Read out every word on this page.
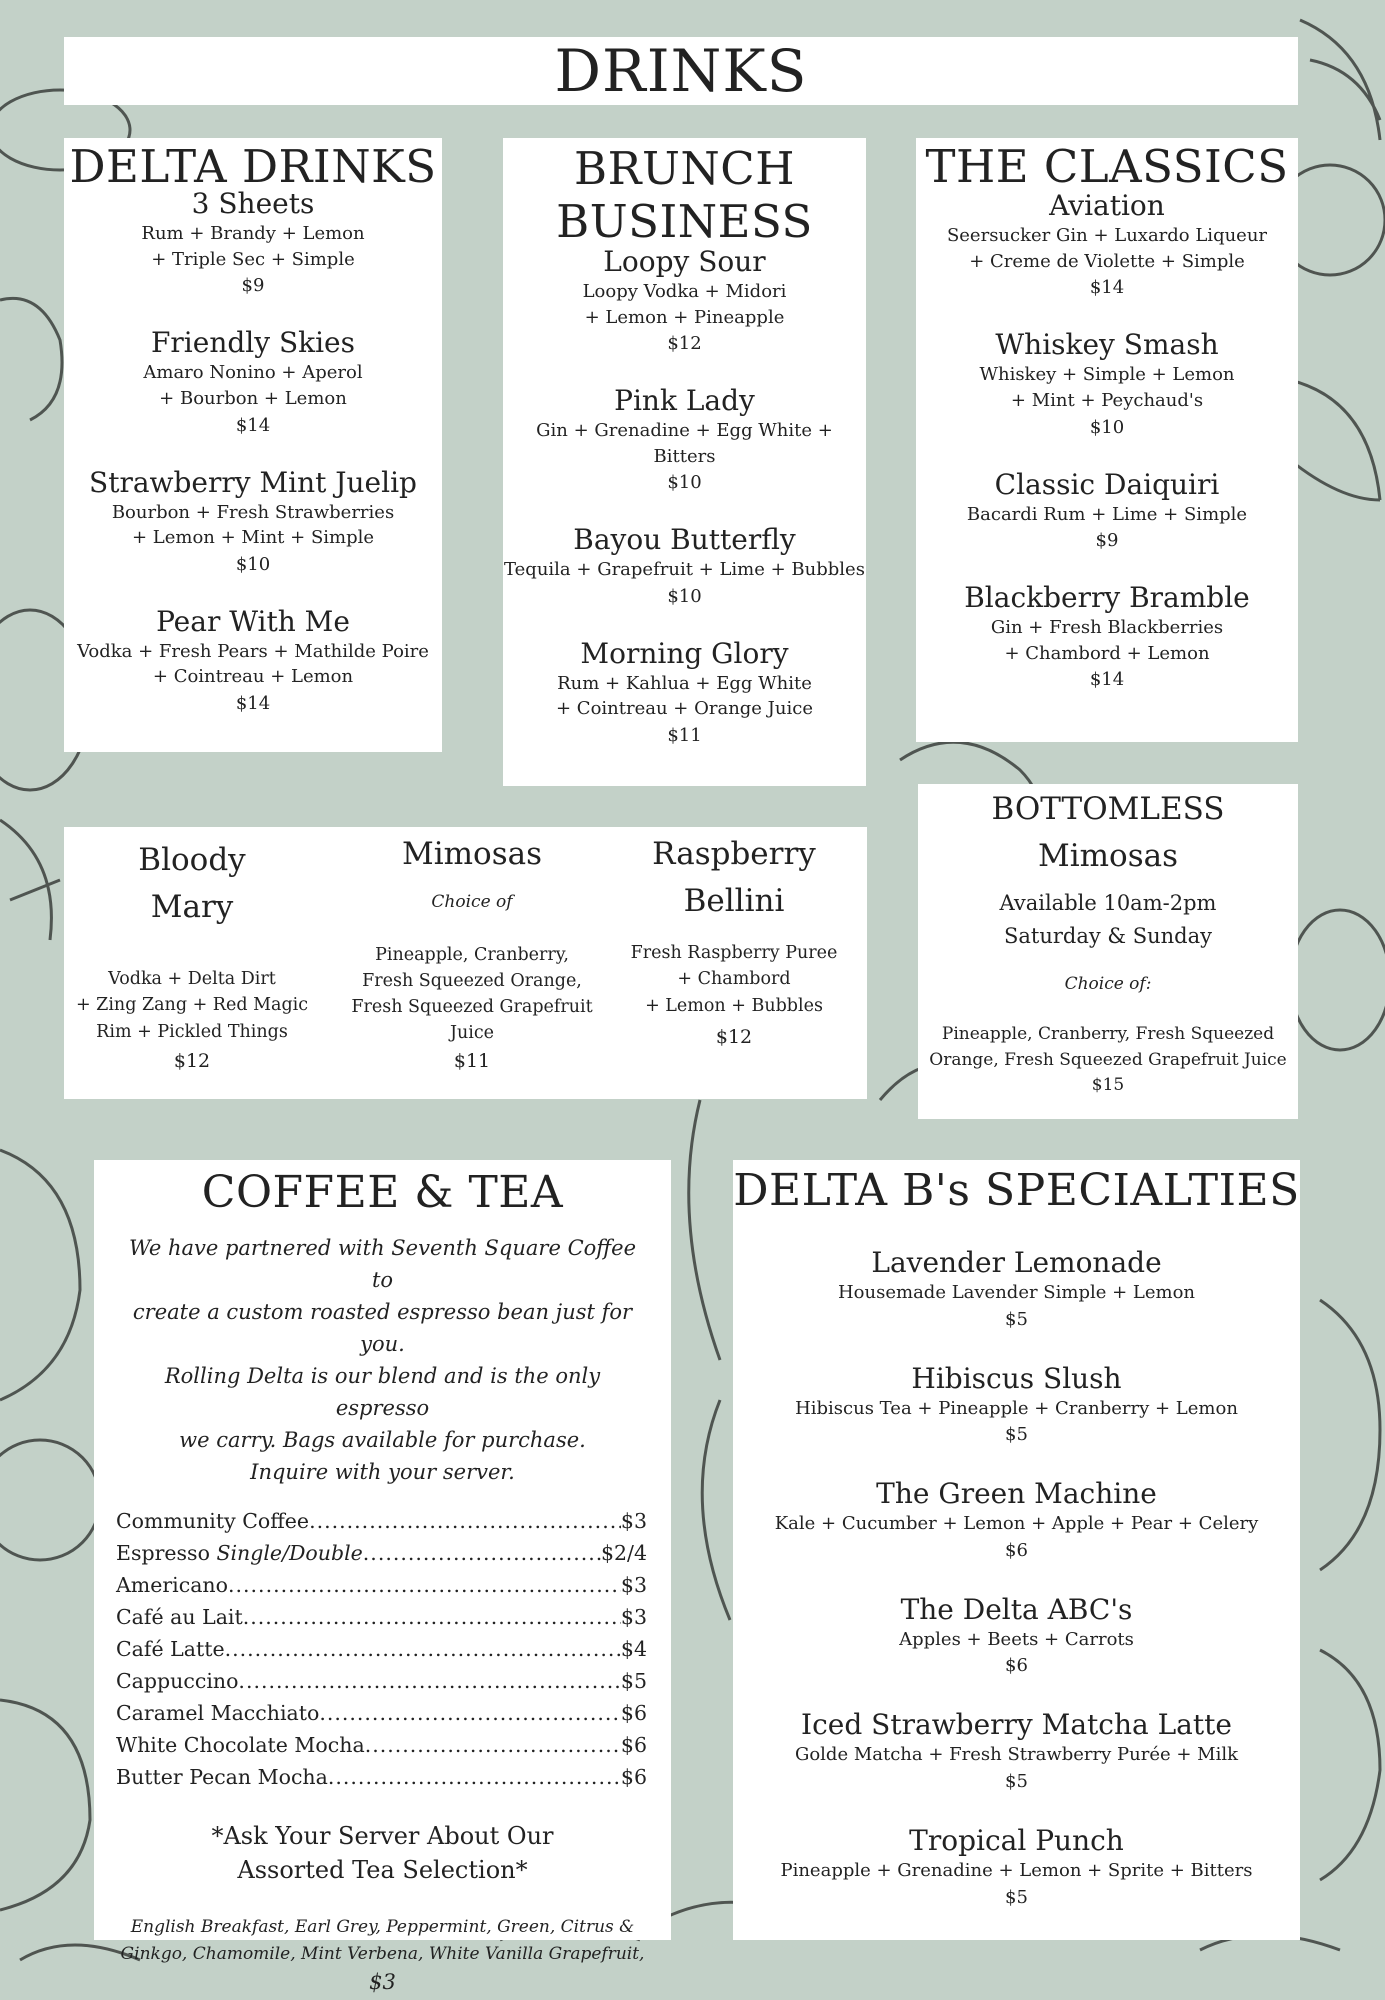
DRINKS
DELTA DRINKS
3 Sheets
Rum + Brandy + Lemon
+ Triple Sec + Simple
$9
Friendly Skies
Amaro Nonino + Aperol
+ Bourbon + Lemon
$14
Strawberry Mint Juelip
Bourbon + Fresh Strawberries
+ Lemon + Mint + Simple
$10
Pear With Me
Vodka + Fresh Pears + Mathilde Poire
+ Cointreau + Lemon
$14
BRUNCH
BUSINESS
Loopy Sour
Loopy Vodka + Midori
+ Lemon + Pineapple
$12
Pink Lady
Gin + Grenadine + Egg White + Bitters
$10
Bayou Butterfly
Tequila + Grapefruit + Lime + Bubbles
$10
Morning Glory
Rum + Kahlua + Egg White
+ Cointreau + Orange Juice
$11
THE CLASSICS
Aviation
Seersucker Gin + Luxardo Liqueur
+ Creme de Violette + Simple
$14
Whiskey Smash
Whiskey + Simple + Lemon
+ Mint + Peychaud's
$10
Classic Daiquiri
Bacardi Rum + Lime + Simple
$9
Blackberry Bramble
Gin + Fresh Blackberries
+ Chambord + Lemon
$14
Bloody
Mary
Vodka + Delta Dirt
+ Zing Zang + Red Magic
Rim + Pickled Things
$12
Mimosas
Choice of
Pineapple, Cranberry,
Fresh Squeezed Orange,
Fresh Squeezed Grapefruit
Juice
$11
Raspberry
Bellini
Fresh Raspberry Puree
+ Chambord
+ Lemon + Bubbles
$12
BOTTOMLESS
Mimosas
Available 10am-2pm
Saturday & Sunday
Choice of:
Pineapple, Cranberry, Fresh Squeezed
Orange, Fresh Squeezed Grapefruit Juice
$15
COFFEE & TEA
We have partnered with Seventh Square Coffee to
create a custom roasted espresso bean just for you.
Rolling Delta is our blend and is the only espresso
we carry. Bags available for purchase.
Inquire with your server.
Community Coffee .....	$3
Espresso Single/Double .....	$2/4
Americano .....	$3
Café au Lait .....	$3
Café Latte .....	$4
Cappuccino .....	$5
Caramel Macchiato .....	$6
White Chocolate Mocha .....	$6
Butter Pecan Mocha .....	$6
*Ask Your Server About Our
Assorted Tea Selection*
English Breakfast, Earl Grey, Peppermint, Green, Citrus &
Ginkgo, Chamomile, Mint Verbena, White Vanilla Grapefruit,
$3
DELTA B's SPECIALTIES
Lavender Lemonade
Housemade Lavender Simple + Lemon
$5
Hibiscus Slush
Hibiscus Tea + Pineapple + Cranberry + Lemon
$5
The Green Machine
Kale + Cucumber + Lemon + Apple + Pear + Celery
$6
The Delta ABC's
Apples + Beets + Carrots
$6
Iced Strawberry Matcha Latte
Golde Matcha + Fresh Strawberry Purée + Milk
$5
Tropical Punch
Pineapple + Grenadine + Lemon + Sprite + Bitters
$5
